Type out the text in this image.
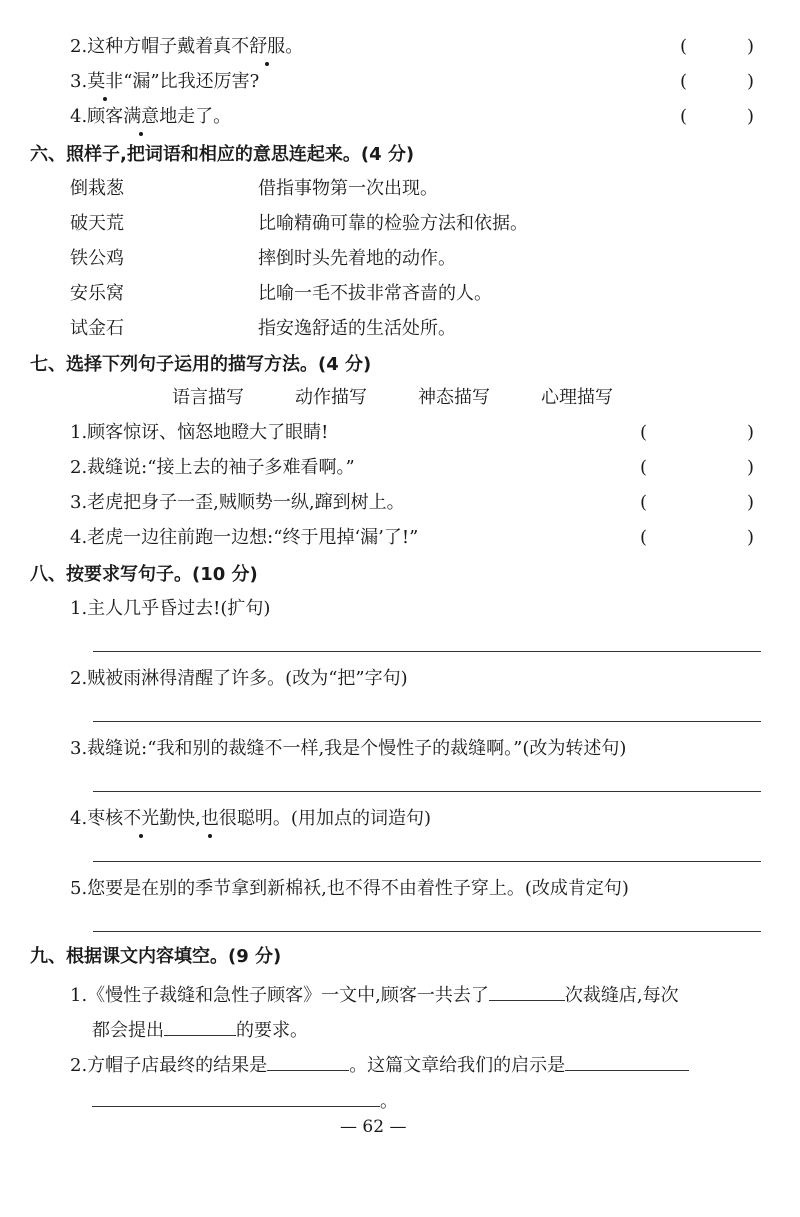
2.这种方帽子戴着真不舒服。	(	)
3.莫非“漏”比我还厉害?	(	)
4.顾客满意地走了。	(	)
六、照样子,把词语和相应的意思连起来。(4 分)
倒栽葱	借指事物第一次出现。
破天荒	比喻精确可靠的检验方法和依据。
铁公鸡	摔倒时头先着地的动作。
安乐窝	比喻一毛不拔非常吝啬的人。
试金石	指安逸舒适的生活处所。
七、选择下列句子运用的描写方法。(4 分)
语言描写	动作描写	神态描写	心理描写
1.顾客惊讶、恼怒地瞪大了眼睛!	(	)
2.裁缝说:“接上去的袖子多难看啊。”	(	)
3.老虎把身子一歪,贼顺势一纵,蹿到树上。	(	)
4.老虎一边往前跑一边想:“终于甩掉‘漏’了!”	(	)
八、按要求写句子。(10 分)
1.主人几乎昏过去!(扩句)
2.贼被雨淋得清醒了许多。(改为“把”字句)
3.裁缝说:“我和别的裁缝不一样,我是个慢性子的裁缝啊。”(改为转述句)
4.枣核不光勤快,也很聪明。(用加点的词造句)
5.您要是在别的季节拿到新棉袄,也不得不由着性子穿上。(改成肯定句)
九、根据课文内容填空。(9 分)
1.《慢性子裁缝和急性子顾客》一文中,顾客一共去了	次裁缝店,每次
都会提出	的要求。
2.方帽子店最终的结果是	。这篇文章给我们的启示是
。
— 62 —
